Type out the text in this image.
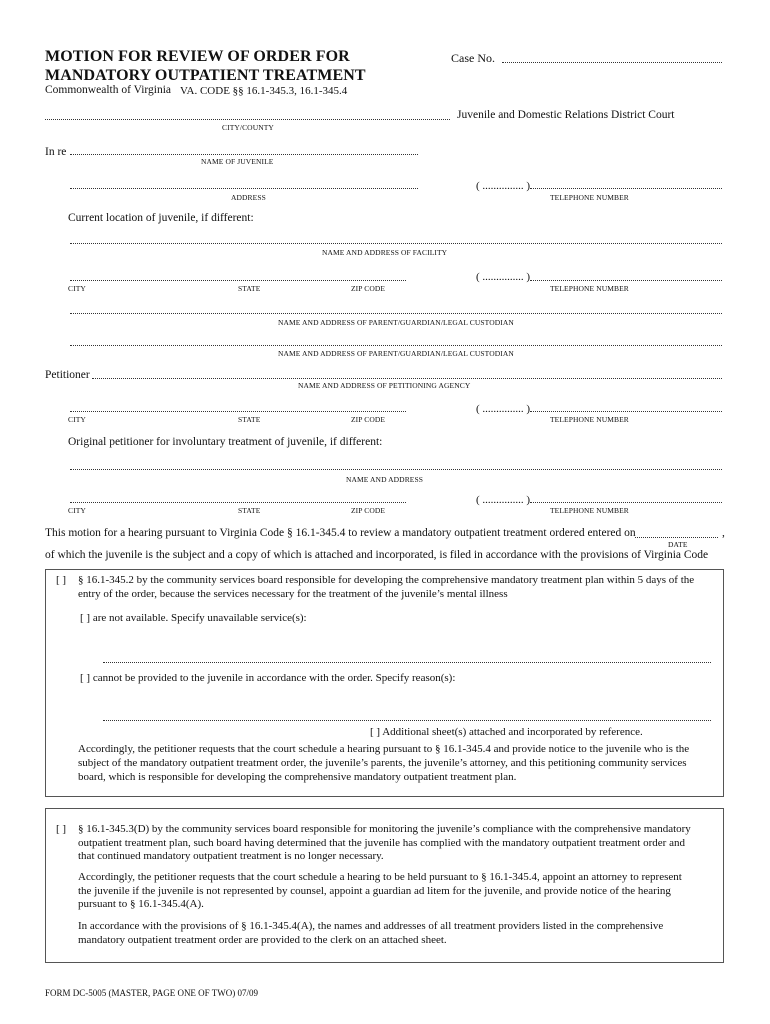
MOTION FOR REVIEW OF ORDER FOR
MANDATORY OUTPATIENT TREATMENT
Commonwealth of Virginia VA. CODE §§ 16.1-345.3, 16.1-345.4
Case No.
Juvenile and Domestic Relations District Court
CITY/COUNTY
In re
NAME OF JUVENILE
( ............... )
ADDRESS	TELEPHONE NUMBER
Current location of juvenile, if different:
NAME AND ADDRESS OF FACILITY
( ............... )
CITY	STATE	ZIP CODE	TELEPHONE NUMBER
NAME AND ADDRESS OF PARENT/GUARDIAN/LEGAL CUSTODIAN
NAME AND ADDRESS OF PARENT/GUARDIAN/LEGAL CUSTODIAN
Petitioner
NAME AND ADDRESS OF PETITIONING AGENCY
( ............... )
CITY	STATE	ZIP CODE	TELEPHONE NUMBER
Original petitioner for involuntary treatment of juvenile, if different:
NAME AND ADDRESS
( ............... )
CITY	STATE	ZIP CODE	TELEPHONE NUMBER
This motion for a hearing pursuant to Virginia Code § 16.1-345.4 to review a mandatory outpatient treatment ordered entered on	,
DATE
of which the juvenile is the subject and a copy of which is attached and incorporated, is filed in accordance with the provisions of Virginia Code
[ ] § 16.1-345.2 by the community services board responsible for developing the comprehensive mandatory treatment plan within 5 days of the
entry of the order, because the services necessary for the treatment of the juvenile’s mental illness
[ ] are not available. Specify unavailable service(s):
[ ] cannot be provided to the juvenile in accordance with the order. Specify reason(s):
[ ] Additional sheet(s) attached and incorporated by reference.
Accordingly, the petitioner requests that the court schedule a hearing pursuant to § 16.1-345.4 and provide notice to the juvenile who is the
subject of the mandatory outpatient treatment order, the juvenile’s parents, the juvenile’s attorney, and this petitioning community services
board, which is responsible for developing the comprehensive mandatory outpatient treatment plan.
[ ] § 16.1-345.3(D) by the community services board responsible for monitoring the juvenile’s compliance with the comprehensive mandatory
outpatient treatment plan, such board having determined that the juvenile has complied with the mandatory outpatient treatment order and
that continued mandatory outpatient treatment is no longer necessary.
Accordingly, the petitioner requests that the court schedule a hearing to be held pursuant to § 16.1-345.4, appoint an attorney to represent
the juvenile if the juvenile is not represented by counsel, appoint a guardian ad litem for the juvenile, and provide notice of the hearing
pursuant to § 16.1-345.4(A).
In accordance with the provisions of § 16.1-345.4(A), the names and addresses of all treatment providers listed in the comprehensive
mandatory outpatient treatment order are provided to the clerk on an attached sheet.
FORM DC-5005 (MASTER, PAGE ONE OF TWO) 07/09
